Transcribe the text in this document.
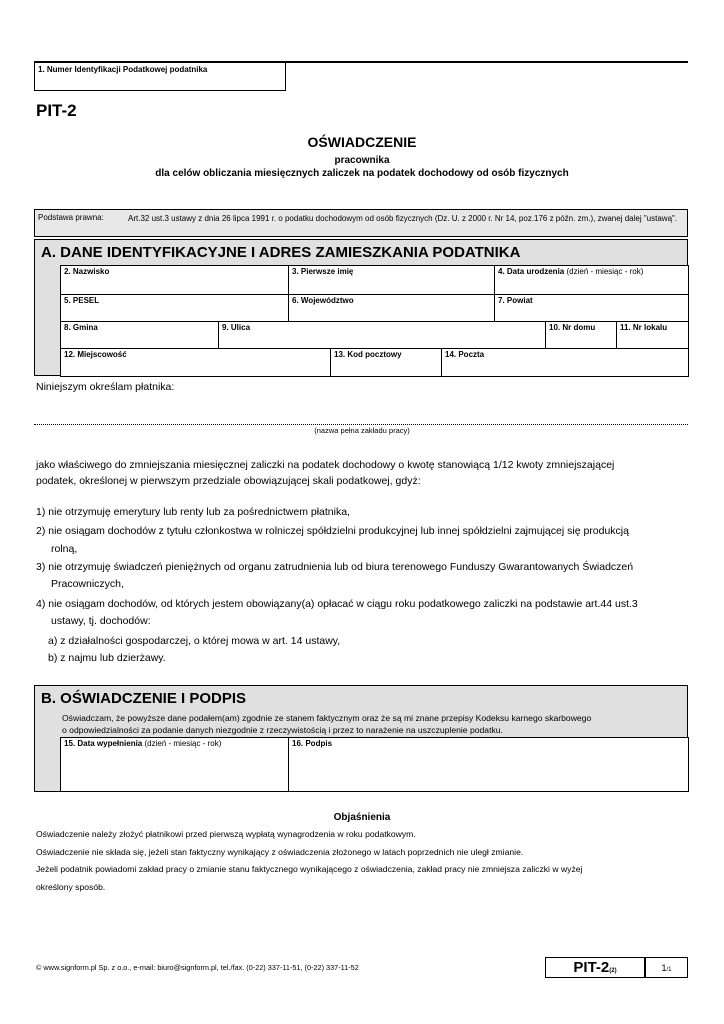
1. Numer Identyfikacji Podatkowej podatnika
PIT-2
OŚWIADCZENIE
pracownika
dla celów obliczania miesięcznych zaliczek na podatek dochodowy od osób fizycznych
Podstawa prawna:	Art.32 ust.3 ustawy z dnia 26 lipca 1991 r. o podatku dochodowym od osób fizycznych (Dz. U. z 2000 r. Nr 14, poz.176 z późn. zm.), zwanej dalej "ustawą".
A. DANE IDENTYFIKACYJNE I ADRES ZAMIESZKANIA PODATNIKA
2. Nazwisko	3. Pierwsze imię	4. Data urodzenia (dzień - miesiąc - rok)
5. PESEL	6. Województwo	7. Powiat
8. Gmina	9. Ulica	10. Nr domu	11. Nr lokalu
12. Miejscowość	13. Kod pocztowy	14. Poczta
Niniejszym określam płatnika:
(nazwa pełna zakładu pracy)
jako właściwego do zmniejszania miesięcznej zaliczki na podatek dochodowy o kwotę stanowiącą 1/12 kwoty zmniejszającej
podatek, określonej w pierwszym przedziale obowiązującej skali podatkowej, gdyż:
1) nie otrzymuję emerytury lub renty lub za pośrednictwem płatnika,
2) nie osiągam dochodów z tytułu członkostwa w rolniczej spółdzielni produkcyjnej lub innej spółdzielni zajmującej się produkcją
rolną,
3) nie otrzymuję świadczeń pieniężnych od organu zatrudnienia lub od biura terenowego Funduszy Gwarantowanych Świadczeń
Pracowniczych,
4) nie osiągam dochodów, od których jestem obowiązany(a) opłacać w ciągu roku podatkowego zaliczki na podstawie art.44 ust.3
ustawy, tj. dochodów:
a) z działalności gospodarczej, o której mowa w art. 14 ustawy,
b) z najmu lub dzierżawy.
B. OŚWIADCZENIE I PODPIS
Oświadczam, że powyższe dane podałem(am) zgodnie ze stanem faktycznym oraz że są mi znane przepisy Kodeksu karnego skarbowego
o odpowiedzialności za podanie danych niezgodnie z rzeczywistością i przez to narażenie na uszczuplenie podatku.
15. Data wypełnienia (dzień - miesiąc - rok)	16. Podpis
Objaśnienia
Oświadczenie należy złożyć płatnikowi przed pierwszą wypłatą wynagrodzenia w roku podatkowym.
Oświadczenie nie składa się, jeżeli stan faktyczny wynikający z oświadczenia złożonego w latach poprzednich nie uległ zmianie.
Jeżeli podatnik powiadomi zakład pracy o zmianie stanu faktycznego wynikającego z oświadczenia, zakład pracy nie zmniejsza zaliczki w wyżej
określony sposób.
© www.signform.pl Sp. z o.o., e-mail: biuro@signform.pl, tel./fax. (0-22) 337-11-51, (0-22) 337-11-52	PIT-2(2)	1/1
